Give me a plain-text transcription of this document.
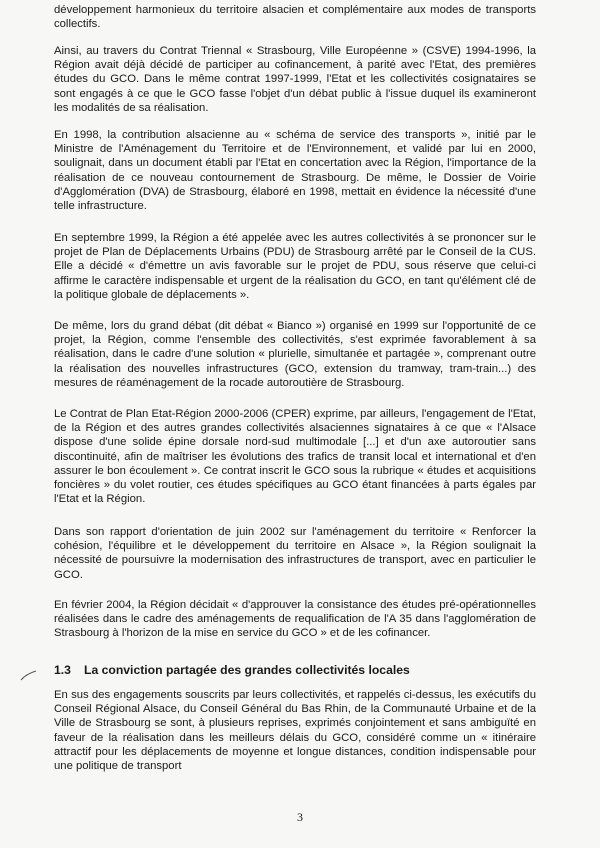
développement harmonieux du territoire alsacien et complémentaire aux modes de transports collectifs.

Ainsi, au travers du Contrat Triennal « Strasbourg, Ville Européenne » (CSVE) 1994-1996, la Région avait déjà décidé de participer au cofinancement, à parité avec l'Etat, des premières études du GCO. Dans le même contrat 1997-1999, l'Etat et les collectivités cosignataires se sont engagés à ce que le GCO fasse l'objet d'un débat public à l'issue duquel ils examineront les modalités de sa réalisation.

En 1998, la contribution alsacienne au « schéma de service des transports », initié par le Ministre de l'Aménagement du Territoire et de l'Environnement, et validé par lui en 2000, soulignait, dans un document établi par l'Etat en concertation avec la Région, l'importance de la réalisation de ce nouveau contournement de Strasbourg. De même, le Dossier de Voirie d'Agglomération (DVA) de Strasbourg, élaboré en 1998, mettait en évidence la nécessité d'une telle infrastructure.

En septembre 1999, la Région a été appelée avec les autres collectivités à se prononcer sur le projet de Plan de Déplacements Urbains (PDU) de Strasbourg arrêté par le Conseil de la CUS. Elle a décidé « d'émettre un avis favorable sur le projet de PDU, sous réserve que celui-ci affirme le caractère indispensable et urgent de la réalisation du GCO, en tant qu'élément clé de la politique globale de déplacements ».

De même, lors du grand débat (dit débat « Bianco ») organisé en 1999 sur l'opportunité de ce projet, la Région, comme l'ensemble des collectivités, s'est exprimée favorablement à sa réalisation, dans le cadre d'une solution « plurielle, simultanée et partagée », comprenant outre la réalisation des nouvelles infrastructures (GCO, extension du tramway, tram-train...) des mesures de réaménagement de la rocade autoroutière de Strasbourg.

Le Contrat de Plan Etat-Région 2000-2006 (CPER) exprime, par ailleurs, l'engagement de l'Etat, de la Région et des autres grandes collectivités alsaciennes signataires à ce que « l'Alsace dispose d'une solide épine dorsale nord-sud multimodale [...] et d'un axe autoroutier sans discontinuité, afin de maîtriser les évolutions des trafics de transit local et international et d'en assurer le bon écoulement ». Ce contrat inscrit le GCO sous la rubrique « études et acquisitions foncières » du volet routier, ces études spécifiques au GCO étant financées à parts égales par l'Etat et la Région.

Dans son rapport d'orientation de juin 2002 sur l'aménagement du territoire « Renforcer la cohésion, l'équilibre et le développement du territoire en Alsace », la Région soulignait la nécessité de poursuivre la modernisation des infrastructures de transport, avec en particulier le GCO.

En février 2004, la Région décidait « d'approuver la consistance des études pré-opérationnelles réalisées dans le cadre des aménagements de requalification de l'A 35 dans l'agglomération de Strasbourg à l'horizon de la mise en service du GCO » et de les cofinancer.

1.3 La conviction partagée des grandes collectivités locales

En sus des engagements souscrits par leurs collectivités, et rappelés ci-dessus, les exécutifs du Conseil Régional Alsace, du Conseil Général du Bas Rhin, de la Communauté Urbaine et de la Ville de Strasbourg se sont, à plusieurs reprises, exprimés conjointement et sans ambiguïté en faveur de la réalisation dans les meilleurs délais du GCO, considéré comme un « itinéraire attractif pour les déplacements de moyenne et longue distances, condition indispensable pour une politique de transport

3
